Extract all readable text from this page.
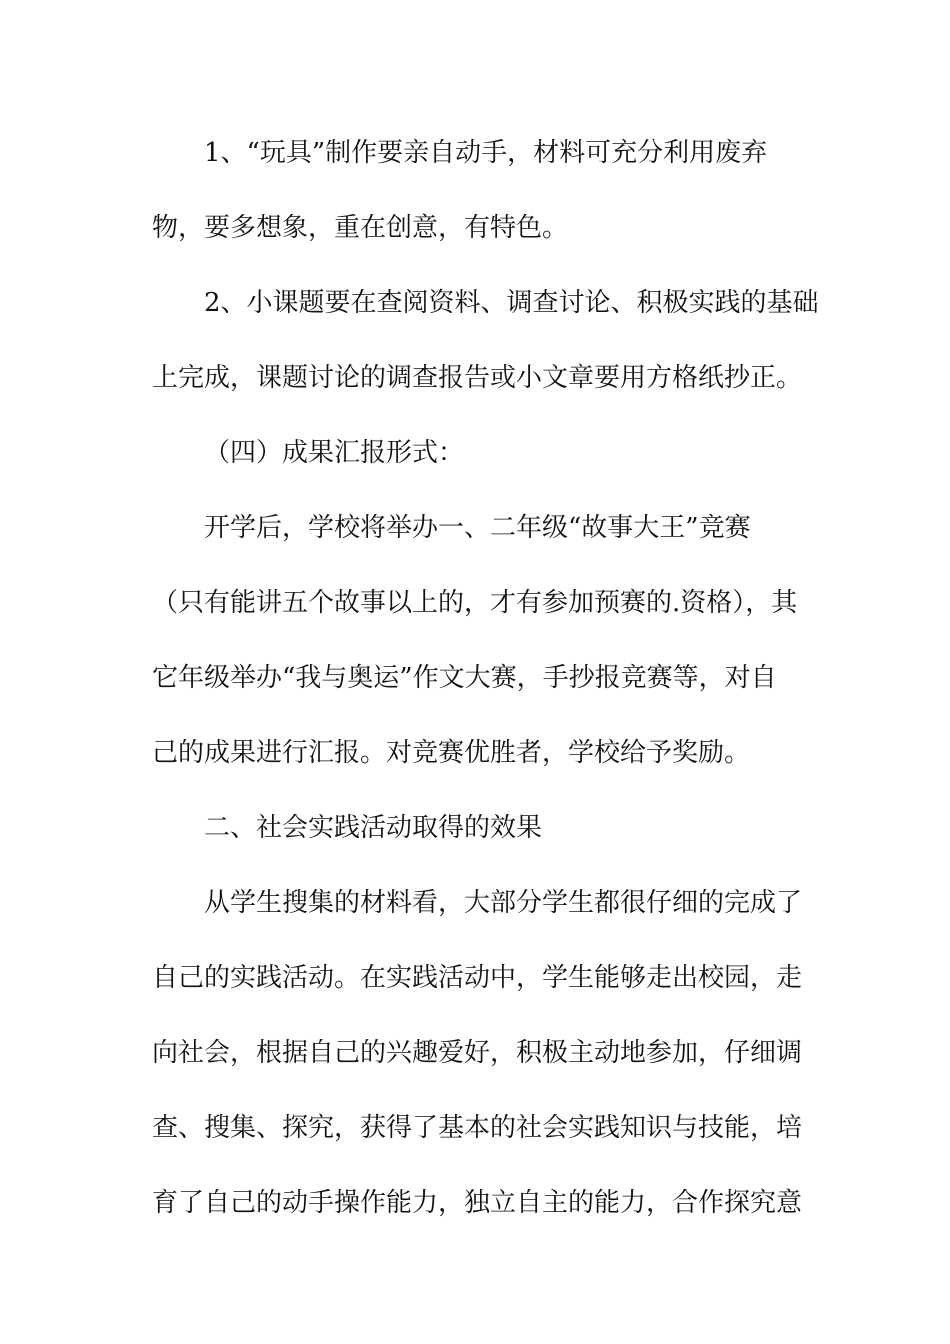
1、“玩具”制作要亲自动手，材料可充分利用废弃
物，要多想象，重在创意，有特色。
2、小课题要在查阅资料、调查讨论、积极实践的基础
上完成，课题讨论的调查报告或小文章要用方格纸抄正。
（四）成果汇报形式：
开学后，学校将举办一、二年级“故事大王”竞赛
（只有能讲五个故事以上的，才有参加预赛的.资格），其
它年级举办“我与奥运”作文大赛，手抄报竞赛等，对自
己的成果进行汇报。对竞赛优胜者，学校给予奖励。
二、社会实践活动取得的效果
从学生搜集的材料看，大部分学生都很仔细的完成了
自己的实践活动。在实践活动中，学生能够走出校园，走
向社会，根据自己的兴趣爱好，积极主动地参加，仔细调
查、搜集、探究，获得了基本的社会实践知识与技能，培
育了自己的动手操作能力，独立自主的能力，合作探究意
